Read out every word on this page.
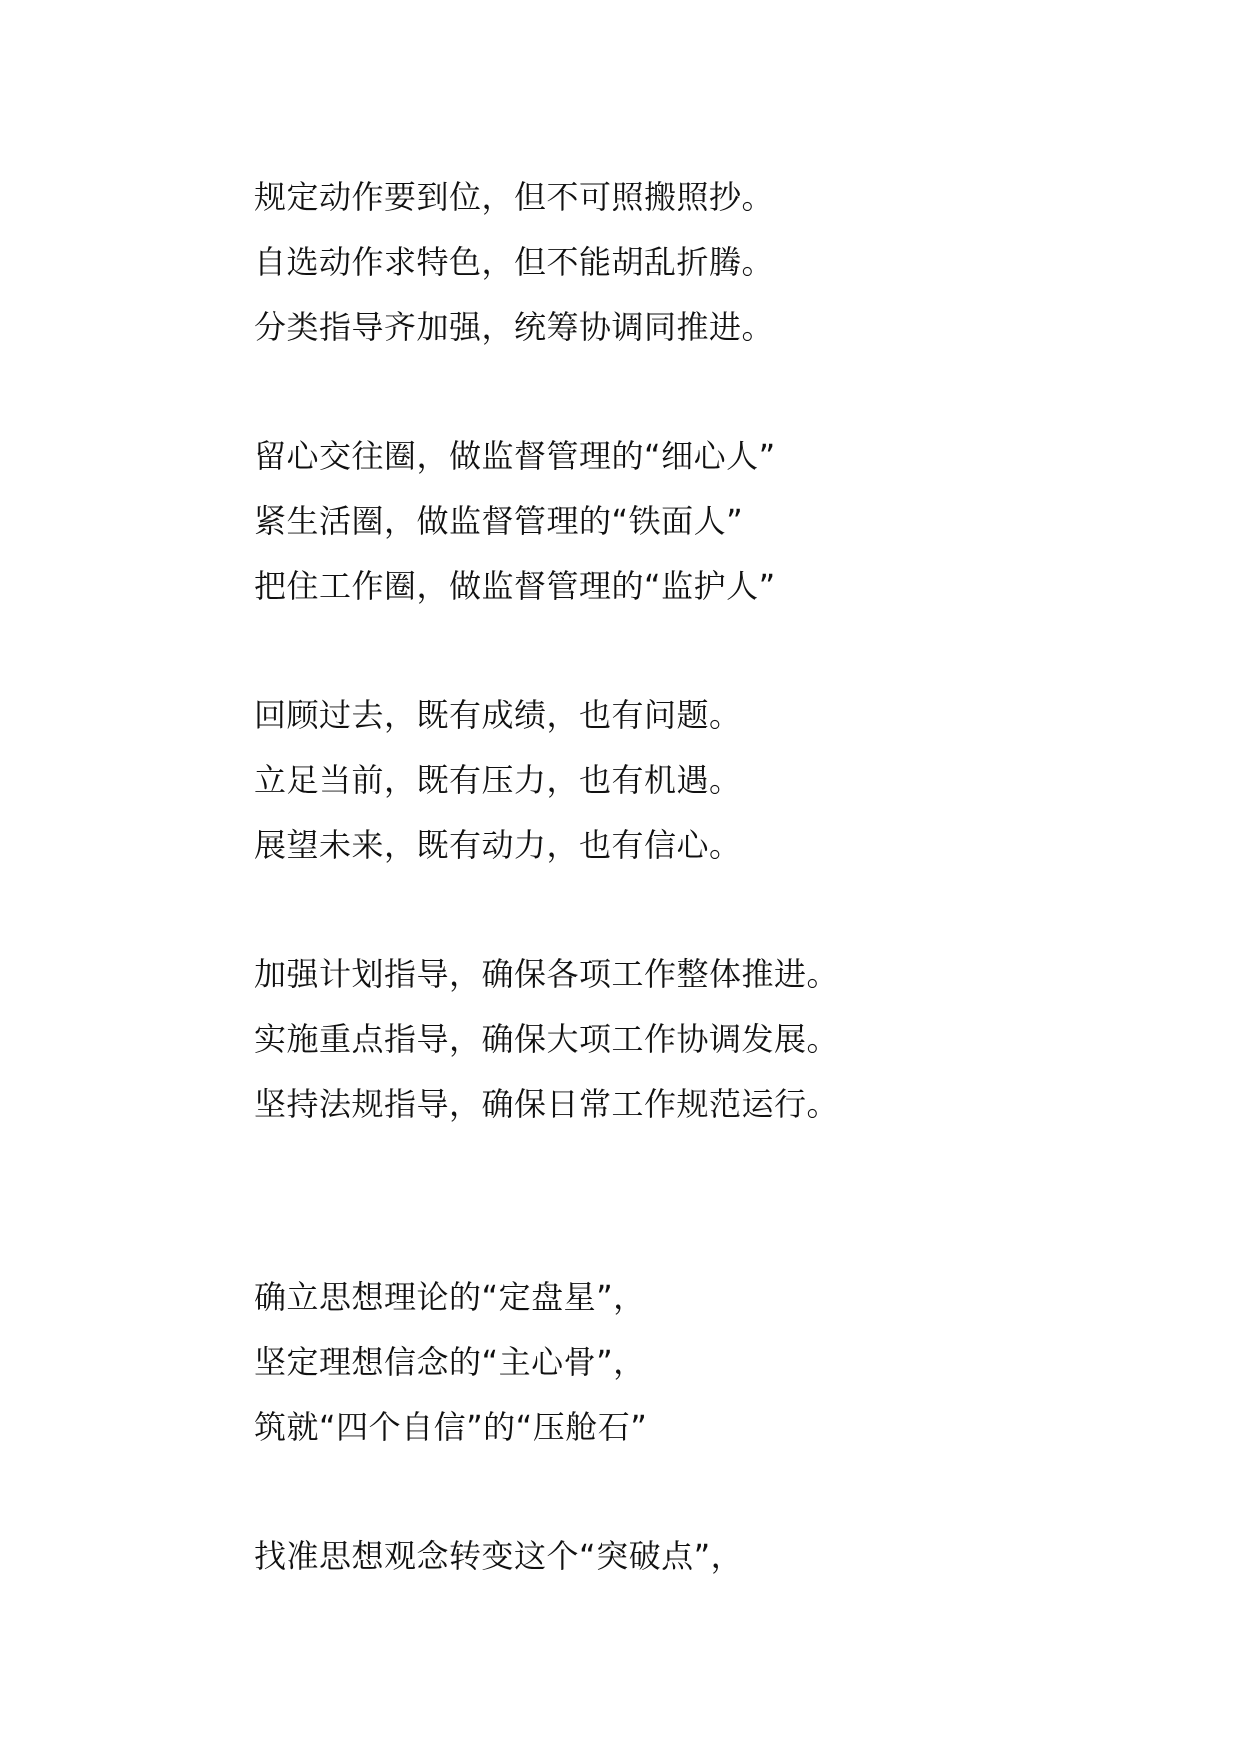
规定动作要到位，但不可照搬照抄。
自选动作求特色，但不能胡乱折腾。
分类指导齐加强，统筹协调同推进。
留心交往圈，做监督管理的“细心人”
紧生活圈，做监督管理的“铁面人”
把住工作圈，做监督管理的“监护人”
回顾过去，既有成绩，也有问题。
立足当前，既有压力，也有机遇。
展望未来，既有动力，也有信心。
加强计划指导，确保各项工作整体推进。
实施重点指导，确保大项工作协调发展。
坚持法规指导，确保日常工作规范运行。
确立思想理论的“定盘星”，
坚定理想信念的“主心骨”，
筑就“四个自信”的“压舱石”
找准思想观念转变这个“突破点”，
